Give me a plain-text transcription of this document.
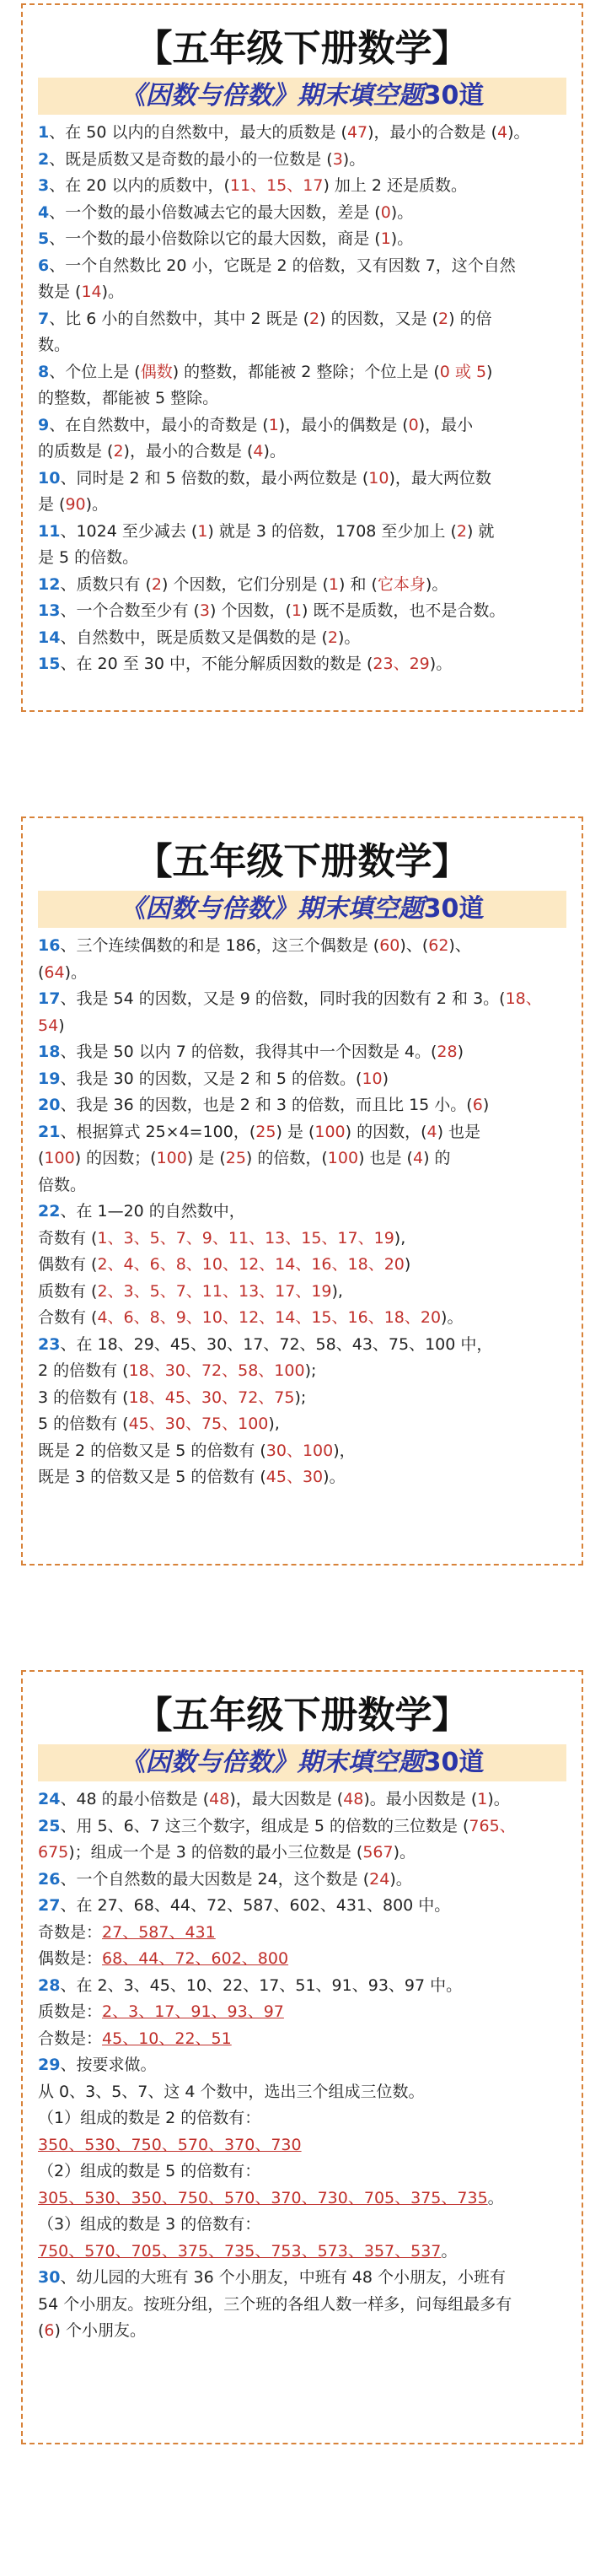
【五年级下册数学】
《因数与倍数》期末填空题30道

1、在 50 以内的自然数中，最大的质数是 (47)，最小的合数是 (4)。

2、既是质数又是奇数的最小的一位数是 (3)。

3、在 20 以内的质数中，(11、15、17) 加上 2 还是质数。

4、一个数的最小倍数减去它的最大因数，差是 (0)。

5、一个数的最小倍数除以它的最大因数，商是 (1)。

6、一个自然数比 20 小，它既是 2 的倍数，又有因数 7，这个自然

数是 (14)。

7、比 6 小的自然数中，其中 2 既是 (2) 的因数，又是 (2) 的倍

数。

8、个位上是 (偶数) 的整数，都能被 2 整除；个位上是 (0 或 5)

的整数，都能被 5 整除。

9、在自然数中，最小的奇数是 (1)，最小的偶数是 (0)，最小

的质数是 (2)，最小的合数是 (4)。

10、同时是 2 和 5 倍数的数，最小两位数是 (10)，最大两位数

是 (90)。

11、1024 至少减去 (1) 就是 3 的倍数，1708 至少加上 (2) 就

是 5 的倍数。

12、质数只有 (2) 个因数，它们分别是 (1) 和 (它本身)。

13、一个合数至少有 (3) 个因数，(1) 既不是质数，也不是合数。

14、自然数中，既是质数又是偶数的是 (2)。

15、在 20 至 30 中，不能分解质因数的数是 (23、29)。

【五年级下册数学】
《因数与倍数》期末填空题30道

16、三个连续偶数的和是 186，这三个偶数是 (60)、(62)、

(64)。

17、我是 54 的因数，又是 9 的倍数，同时我的因数有 2 和 3。(18、

54)

18、我是 50 以内 7 的倍数，我得其中一个因数是 4。(28)

19、我是 30 的因数，又是 2 和 5 的倍数。(10)

20、我是 36 的因数，也是 2 和 3 的倍数，而且比 15 小。(6)

21、根据算式 25×4=100，(25) 是 (100) 的因数，(4) 也是

(100) 的因数；(100) 是 (25) 的倍数，(100) 也是 (4) 的

倍数。

22、在 1—20 的自然数中，

奇数有 (1、3、5、7、9、11、13、15、17、19),

偶数有 (2、4、6、8、10、12、14、16、18、20)

质数有 (2、3、5、7、11、13、17、19),

合数有 (4、6、8、9、10、12、14、15、16、18、20)。

23、在 18、29、45、30、17、72、58、43、75、100 中，

2 的倍数有 (18、30、72、58、100);

3 的倍数有 (18、45、30、72、75);

5 的倍数有 (45、30、75、100),

既是 2 的倍数又是 5 的倍数有 (30、100)，

既是 3 的倍数又是 5 的倍数有 (45、30)。

【五年级下册数学】
《因数与倍数》期末填空题30道

24、48 的最小倍数是 (48)，最大因数是 (48)。最小因数是 (1)。

25、用 5、6、7 这三个数字，组成是 5 的倍数的三位数是 (765、

675)；组成一个是 3 的倍数的最小三位数是 (567)。

26、一个自然数的最大因数是 24，这个数是 (24)。

27、在 27、68、44、72、587、602、431、800 中。

奇数是：27、587、431

偶数是：68、44、72、602、800

28、在 2、3、45、10、22、17、51、91、93、97 中。

质数是：2、3、17、91、93、97

合数是：45、10、22、51

29、按要求做。

从 0、3、5、7、这 4 个数中，选出三个组成三位数。

（1）组成的数是 2 的倍数有：

350、530、750、570、370、730

（2）组成的数是 5 的倍数有：

305、530、350、750、570、370、730、705、375、735。

（3）组成的数是 3 的倍数有：

750、570、705、375、735、753、573、357、537。

30、幼儿园的大班有 36 个小朋友，中班有 48 个小朋友，小班有

54 个小朋友。按班分组，三个班的各组人数一样多，问每组最多有

(6) 个小朋友。
